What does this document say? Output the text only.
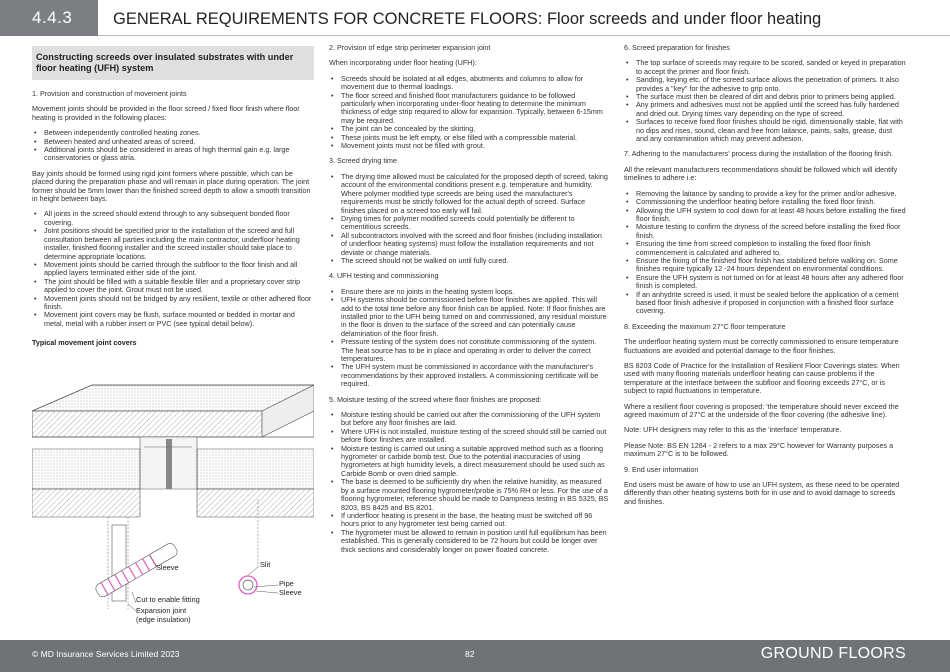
4.4.3	GENERAL REQUIREMENTS FOR CONCRETE FLOORS: Floor screeds and under floor heating
Constructing screeds over insulated substrates with under floor heating (UFH) system

1. Provision and construction of movement joints

Movement joints should be provided in the floor screed / fixed floor finish where floor heating is provided in the following places:

• Between independently controlled heating zones.
• Between heated and unheated areas of screed.
• Additional joints should be considered in areas of high thermal gain e.g. large conservatories or glass atria.

Bay joints should be formed using rigid joint formers where possible, which can be placed during the preparation phase and will remain in place during operation. The joint former should be 5mm lower than the finished screed depth to allow a smooth transition in height between bays.

• All joints in the screed should extend through to any subsequent bonded floor covering.
• Joint positions should be specified prior to the installation of the screed and full consultation between all parties including the main contractor, underfloor heating installer, finished flooring installer and the screed installer should take place to determine appropriate locations.
• Movement joints should be carried through the subfloor to the floor finish and all applied layers terminated either side of the joint.
• The joint should be filled with a suitable flexible filler and a proprietary cover strip applied to cover the joint. Grout must not be used.
• Movement joints should not be bridged by any resilient, textile or other adhered floor finish.
• Movement joint covers may be flush, surface mounted or bedded in mortar and metal, metal with a rubber insert or PVC (see typical detail below).
Typical movement joint covers
Sleeve	Slit
Pipe
Sleeve
Cut to enable fitting
Expansion joint
(edge insulation)

2. Provision of edge strip perimeter expansion joint

When incorporating under floor heating (UFH):

• Screeds should be isolated at all edges, abutments and columns to allow for movement due to thermal loadings.
• The floor screed and finished floor manufacturers guidance to be followed particularly when incorporating under-floor heating to determine the minimum thickness of edge strip required to allow for expansion. Typically, between 6-15mm may be required.
• The joint can be concealed by the skirting.
• These joints must be left empty, or else filled with a compressible material.
• Movement joints must not be filled with grout.

3. Screed drying time

• The drying time allowed must be calculated for the proposed depth of screed, taking account of the environmental conditions present e.g. temperature and humidity. Where polymer modified type screeds are being used the manufacturer's requirements must be strictly followed for the actual depth of screed. Surface finishes placed on a screed too early will fail.
• Drying times for polymer modified screeds could potentially be different to cementitious screeds.
• All subcontractors involved with the screed and floor finishes (including installation of underfloor heating systems) must follow the installation requirements and not deviate or change materials.
• The screed should not be walked on until fully cured.

4. UFH testing and commissioning

• Ensure there are no joints in the heating system loops.
• UFH systems should be commissioned before floor finishes are applied. This will add to the total time before any floor finish can be applied. Note: If floor finishes are installed prior to the UFH being turned on and commissioned, any residual moisture in the floor is driven to the surface of the screed and can potentially cause delamination of the floor finish.
• Pressure testing of the system does not constitute commissioning of the system. The heat source has to be in place and operating in order to deliver the correct temperatures.
• The UFH system must be commissioned in accordance with the manufacturer's recommendations by their approved installers. A commissioning certificate will be required.

5. Moisture testing of the screed where floor finishes are proposed:

• Moisture testing should be carried out after the commissioning of the UFH system but before any floor finishes are laid.
• Where UFH is not installed, moisture testing of the screed should still be carried out before floor finishes are installed.
• Moisture testing is carried out using a suitable approved method such as a flooring hygrometer or carbide bomb test. Due to the potential inaccuracies of using hygrometers at high humidity levels, a direct measurement should be used such as Carbide Bomb or oven dried sample.
• The base is deemed to be sufficiently dry when the relative humidity, as measured by a surface mounted flooring hygrometer/probe is 75% RH or less. For the use of a flooring hygrometer, reference should be made to Dampness testing in BS 5325, BS 8203, BS 8425 and BS 8201.
• If underfloor heating is present in the base, the heating must be switched off 96 hours prior to any hygrometer test being carried out.
• The hygrometer must be allowed to remain in position until full equilibrium has been established. This is generally considered to be 72 hours but could be longer over thick sections and considerably longer on power floated concrete.

6. Screed preparation for finishes

• The top surface of screeds may require to be scored, sanded or keyed in preparation to accept the primer and floor finish.
• Sanding, keying etc. of the screed surface allows the penetration of primers. It also provides a "key" for the adhesive to grip onto.
• The surface must then be cleared of dirt and debris prior to primers being applied.
• Any primers and adhesives must not be applied until the screed has fully hardened and dried out. Drying times vary depending on the type of screed.
• Surfaces to receive fixed floor finishes should be rigid, dimensionally stable, flat with no dips and rises, sound, clean and free from laitance, paints, salts, grease, dust and any contamination which may prevent adhesion.

7. Adhering to the manufacturers' process during the installation of the flooring finish.

All the relevant manufacturers recommendations should be followed which will identify timelines to adhere i.e:

• Removing the laitance by sanding to provide a key for the primer and/or adhesive.
• Commissioning the underfloor heating before installing the fixed floor finish.
• Allowing the UFH system to cool down for at least 48 hours before installing the fixed floor finish.
• Moisture testing to confirm the dryness of the screed before installing the fixed floor finish.
• Ensuring the time from screed completion to installing the fixed floor finish commencement is calculated and adhered to.
• Ensure the fixing of the finished floor finish has stabilized before walking on. Some finishes require typically 12 -24 hours dependent on environmental conditions.
• Ensure the UFH system is not turned on for at least 48 hours after any adhered floor finish is completed.
• If an anhydrite screed is used, it must be sealed before the application of a cement based floor finish adhesive if proposed in conjunction with a finished floor surface covering.

8. Exceeding the maximum 27°C floor temperature

The underfloor heating system must be correctly commissioned to ensure temperature fluctuations are avoided and potential damage to the floor finishes.

BS 8203 Code of Practice for the Installation of Resilient Floor Coverings states: When used with many flooring materials underfloor heating can cause problems if the temperature at the interface between the subfloor and flooring exceeds 27°C, or is subject to rapid fluctuations in temperature.

Where a resilient floor covering is proposed: 'the temperature should never exceed the agreed maximum of 27°C at the underside of the floor covering (the adhesive line).

Note: UFH designers may refer to this as the 'interface' temperature.

Please Note: BS EN 1264 - 2 refers to a max 29°C however for Warranty purposes a maximum 27°C is to be followed.

9. End user information

End users must be aware of how to use an UFH system, as these need to be operated differently than other heating systems both for in use and to avoid damage to screeds and finishes.

© MD Insurance Services Limited 2023	82	GROUND FLOORS
